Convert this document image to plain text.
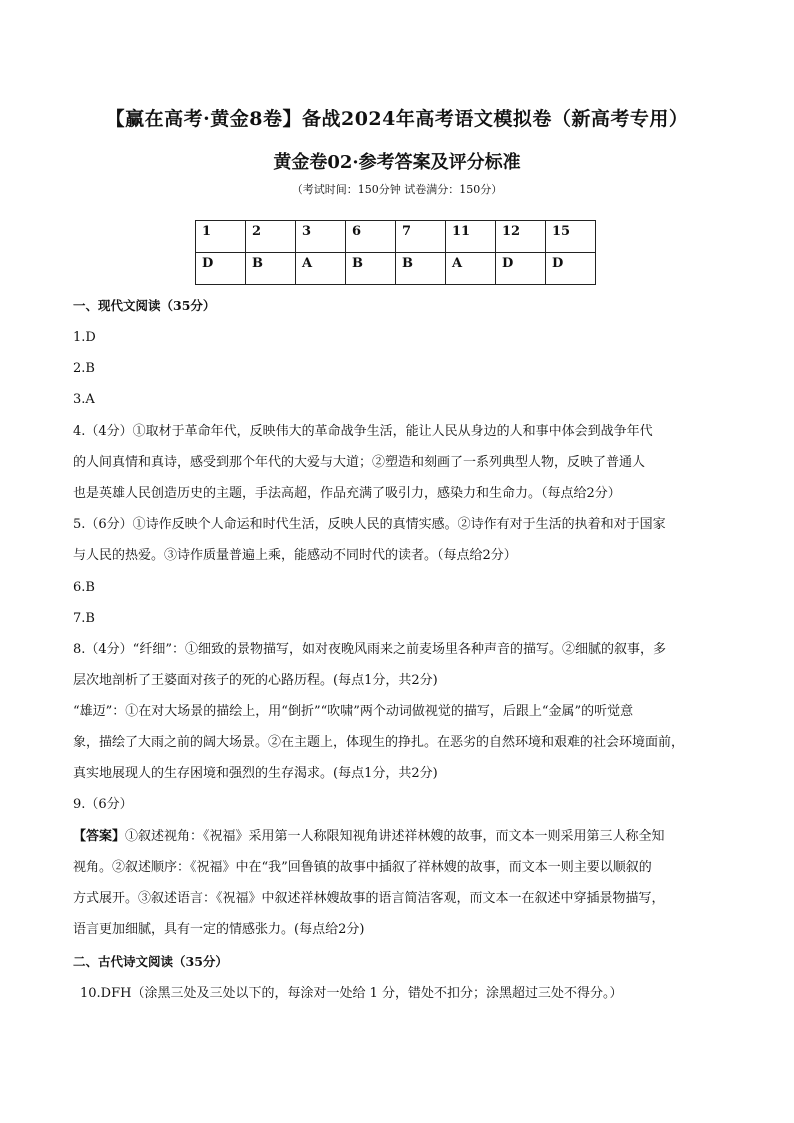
【赢在高考·黄金8卷】备战2024年高考语文模拟卷（新高考专用）
黄金卷02·参考答案及评分标准
（考试时间：150分钟 试卷满分：150分）
1	2	3	6	7	11	12	15
D	B	A	B	B	A	D	D
一、现代文阅读（35分）
1.D
2.B
3.A
4.（4分）①取材于革命年代，反映伟大的革命战争生活，能让人民从身边的人和事中体会到战争年代
的人间真情和真诗，感受到那个年代的大爱与大道；②塑造和刻画了一系列典型人物，反映了普通人
也是英雄人民创造历史的主题，手法高超，作品充满了吸引力，感染力和生命力。（每点给2分）
5.（6分）①诗作反映个人命运和时代生活，反映人民的真情实感。②诗作有对于生活的执着和对于国家
与人民的热爱。③诗作质量普遍上乘，能感动不同时代的读者。（每点给2分）
6.B
7.B
8.（4分）“纤细”：①细致的景物描写，如对夜晚风雨来之前麦场里各种声音的描写。②细腻的叙事，多
层次地剖析了王婆面对孩子的死的心路历程。(每点1分，共2分)
“雄迈”：①在对大场景的描绘上，用“倒折”“吹啸”两个动词做视觉的描写，后跟上“金属”的听觉意
象，描绘了大雨之前的阔大场景。②在主题上，体现生的挣扎。在恶劣的自然环境和艰难的社会环境面前，
真实地展现人的生存困境和强烈的生存渴求。(每点1分，共2分)
9.（6分）
【答案】①叙述视角：《祝福》采用第一人称限知视角讲述祥林嫂的故事，而文本一则采用第三人称全知
视角。②叙述顺序：《祝福》中在“我”回鲁镇的故事中插叙了祥林嫂的故事，而文本一则主要以顺叙的
方式展开。③叙述语言：《祝福》中叙述祥林嫂故事的语言简洁客观，而文本一在叙述中穿插景物描写，
语言更加细腻，具有一定的情感张力。(每点给2分)
二、古代诗文阅读（35分）
10.DFH（涂黑三处及三处以下的，每涂对一处给 1 分，错处不扣分；涂黑超过三处不得分。）
